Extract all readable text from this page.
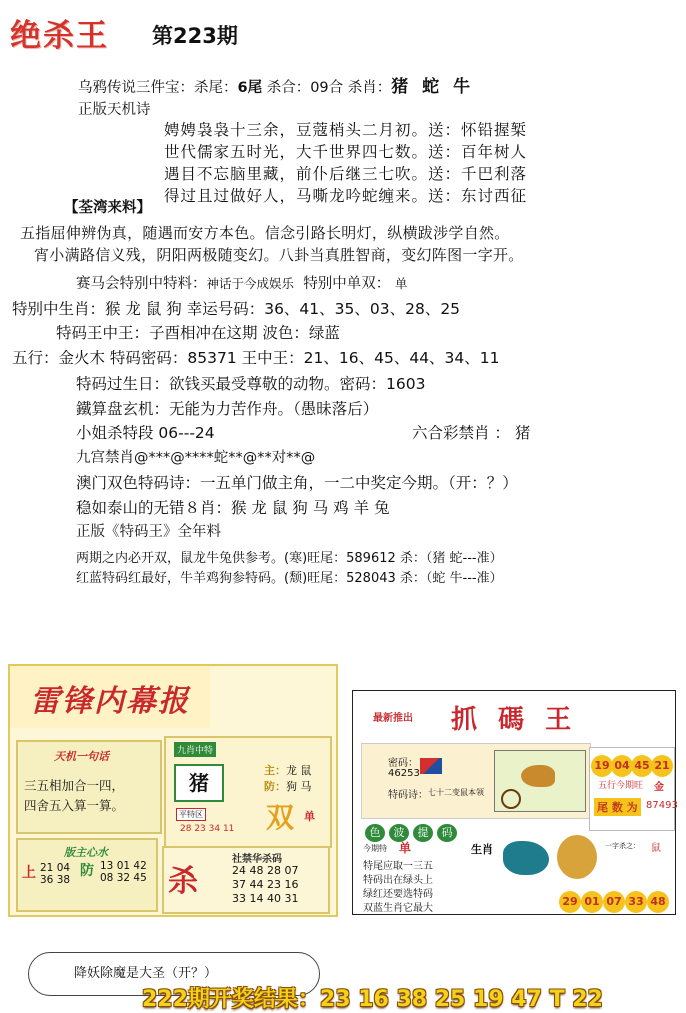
绝杀王 第223期
乌鸦传说三件宝：杀尾：6尾 杀合：09合 杀肖：猪 蛇 牛
正版天机诗
娉娉袅袅十三余，豆蔻梢头二月初。送：怀铅握椠
世代儒家五时光，大千世界四七数。送：百年树人
遇目不忘脑里藏，前仆后继三七吹。送：千巴利落
得过且过做好人，马嘶龙吟蛇缠来。送：东讨西征
【荃湾来料】
五指屈伸辨伪真，随遇而安方本色。信念引路长明灯，纵横跋涉学自然。
宵小满路信义残，阴阳两极随变幻。八卦当真胜智商，变幻阵图一字开。
赛马会特别中特料：神话于今成娱乐 特别中单双： 单
特别中生肖：猴 龙 鼠 狗 幸运号码：36、41、35、03、28、25
特码王中王：子酉相冲在这期 波色：绿蓝
五行：金火木 特码密码：85371 王中王：21、16、45、44、34、11
特码过生日：欲钱买最受尊敬的动物。密码：1603
鐵算盘玄机：无能为力苦作舟。（愚昧落后）
小姐杀特段 06---24	六合彩禁肖 ： 猪
九宫禁肖@***@****蛇**@**对**@
澳门双色特码诗：一五单门做主角，一二中奖定今期。（开：？）
稳如泰山的无错８肖：猴 龙 鼠 狗 马 鸡 羊 兔
正版《特码王》全年料
两期之内必开双，鼠龙牛兔供参考。(寒)旺尾：589612 杀：（猪 蛇---准）
红蓝特码红最好，牛羊鸡狗参特码。(颓)旺尾：528043 杀：（蛇 牛---准）
雷锋内幕报
天机一句话
三五相加合一四，
四舍五入算一算。
九肖中特
猪
主：龙 鼠
防：狗 马
双 单
平特区
28 23 34 11
版主心水
上 21 04
36 38
防 13 01 42
08 32 45 杀
社禁华杀码
24 48 28 07
37 44 23 16
33 14 40 31
最新推出 抓 碼 王
密码：
46253
特码诗： 七十二变鼠本领
五行今期旺 金
尾 数 为 87493
19 04 45 21
色 波 提 码
今期特 单
特尾应取一三五
特码出在绿头上
绿红还要选特码
双蓝生肖它最大
生肖	一字杀之： 鼠
29 01 07 33 48
降妖除魔是大圣（开？）
222期开奖结果：23 16 38 25 19 47 T 22
